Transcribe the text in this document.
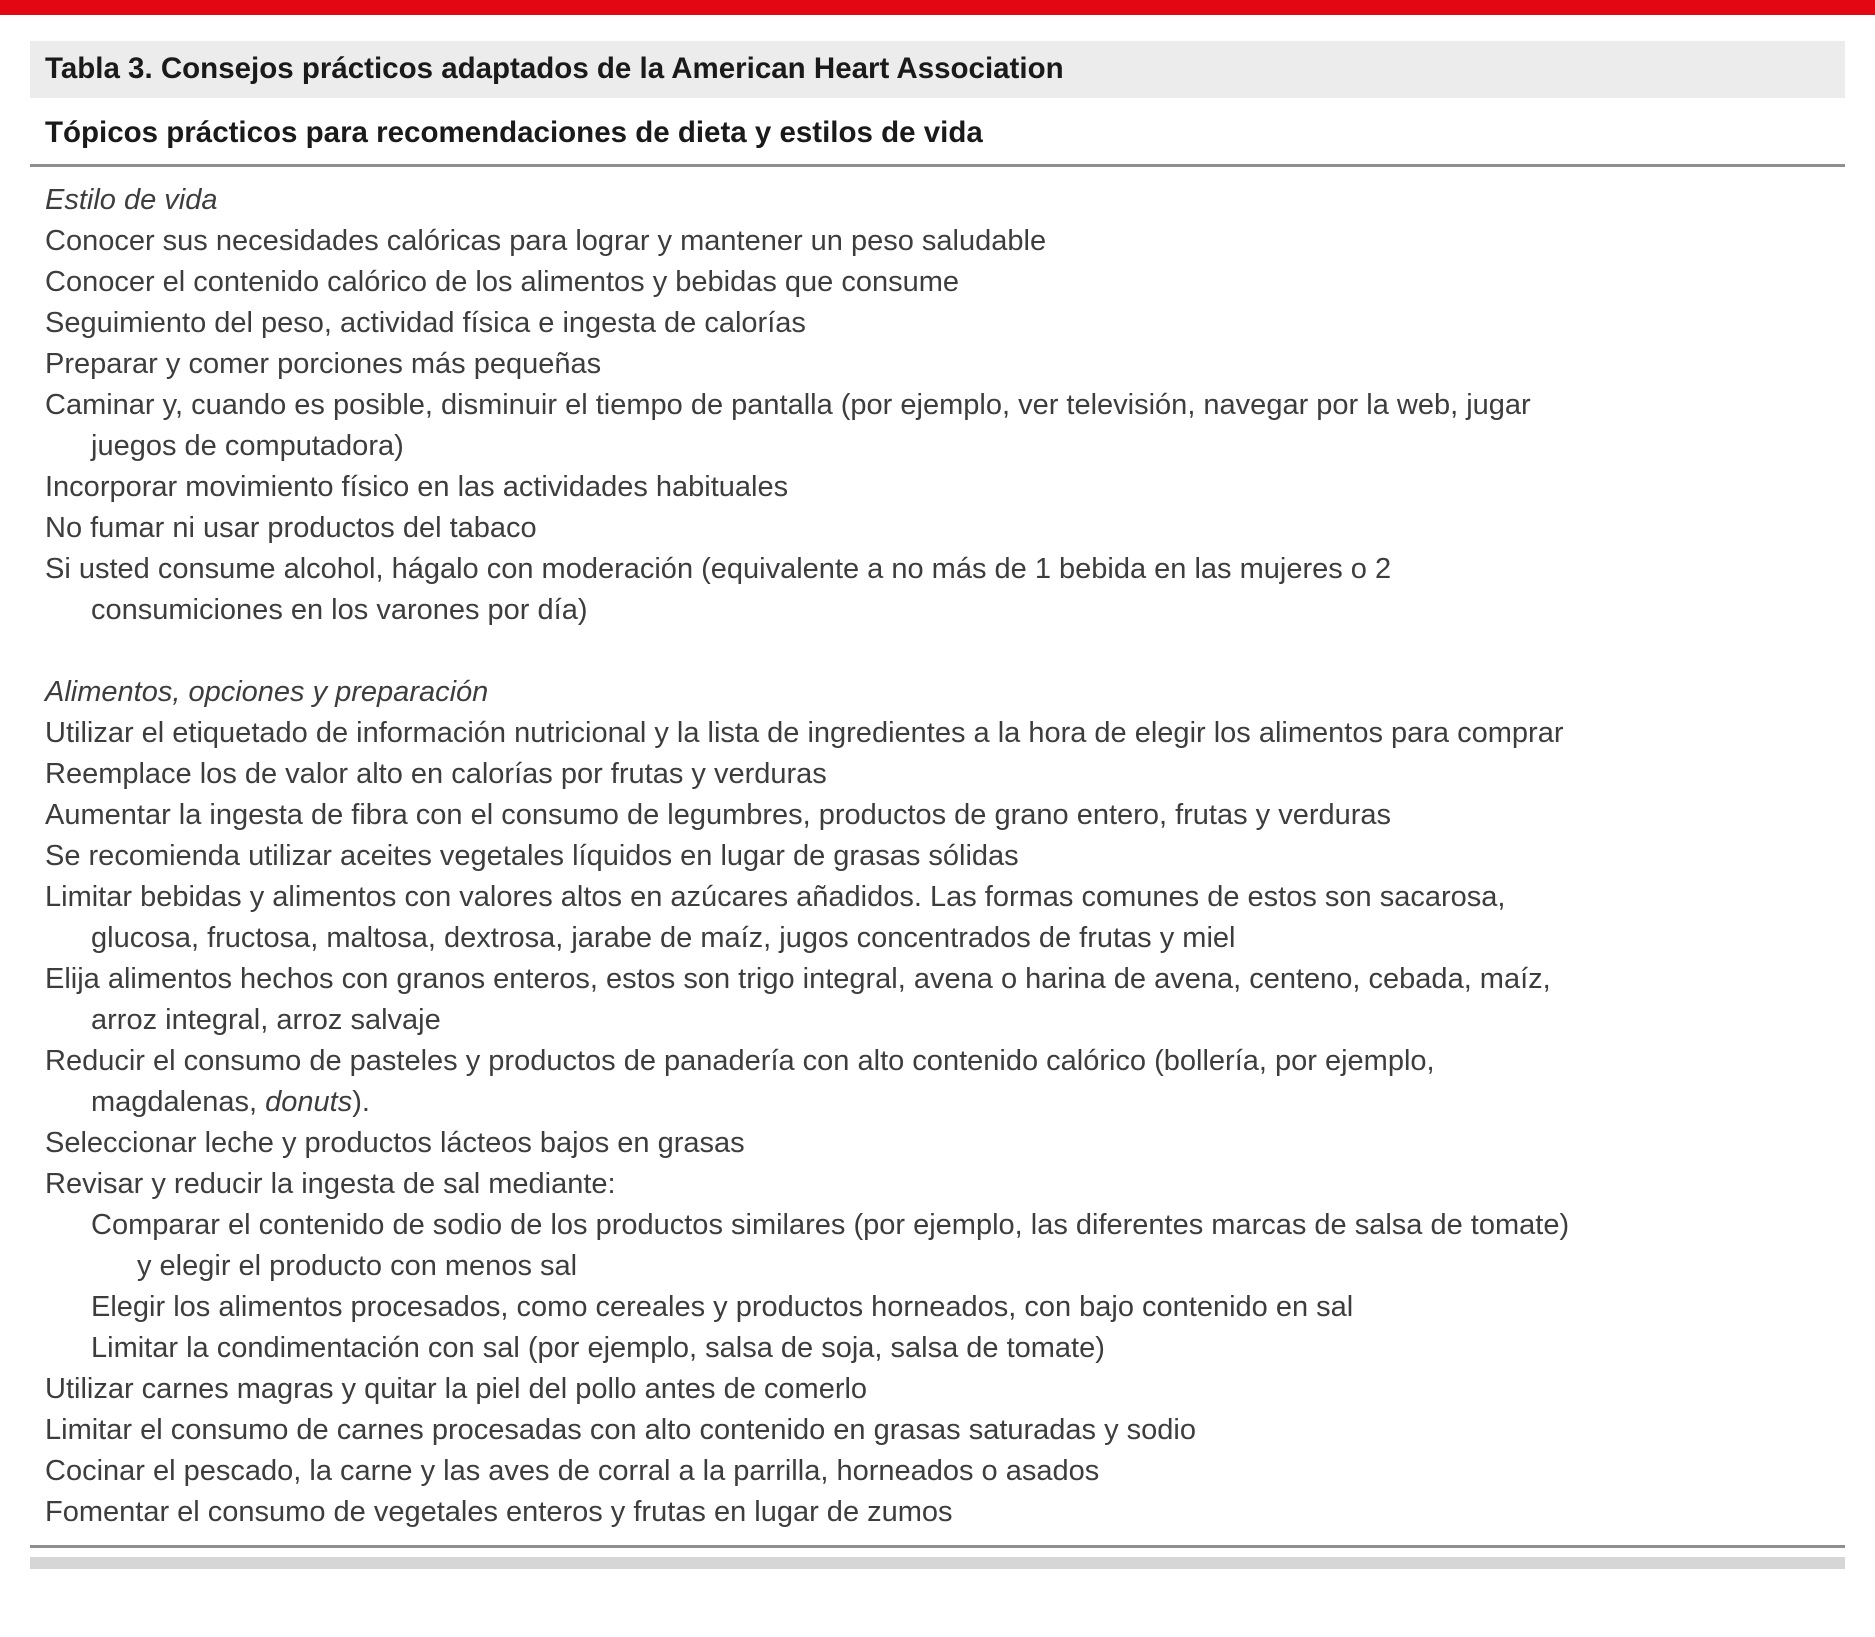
Tabla 3. Consejos prácticos adaptados de la American Heart Association
Tópicos prácticos para recomendaciones de dieta y estilos de vida
Estilo de vida
Conocer sus necesidades calóricas para lograr y mantener un peso saludable
Conocer el contenido calórico de los alimentos y bebidas que consume
Seguimiento del peso, actividad física e ingesta de calorías
Preparar y comer porciones más pequeñas
Caminar y, cuando es posible, disminuir el tiempo de pantalla (por ejemplo, ver televisión, navegar por la web, jugar juegos de computadora)
Incorporar movimiento físico en las actividades habituales
No fumar ni usar productos del tabaco
Si usted consume alcohol, hágalo con moderación (equivalente a no más de 1 bebida en las mujeres o 2 consumiciones en los varones por día)
Alimentos, opciones y preparación
Utilizar el etiquetado de información nutricional y la lista de ingredientes a la hora de elegir los alimentos para comprar
Reemplace los de valor alto en calorías por frutas y verduras
Aumentar la ingesta de fibra con el consumo de legumbres, productos de grano entero, frutas y verduras
Se recomienda utilizar aceites vegetales líquidos en lugar de grasas sólidas
Limitar bebidas y alimentos con valores altos en azúcares añadidos. Las formas comunes de estos son sacarosa, glucosa, fructosa, maltosa, dextrosa, jarabe de maíz, jugos concentrados de frutas y miel
Elija alimentos hechos con granos enteros, estos son trigo integral, avena o harina de avena, centeno, cebada, maíz, arroz integral, arroz salvaje
Reducir el consumo de pasteles y productos de panadería con alto contenido calórico (bollería, por ejemplo, magdalenas, donuts).
Seleccionar leche y productos lácteos bajos en grasas
Revisar y reducir la ingesta de sal mediante:
Comparar el contenido de sodio de los productos similares (por ejemplo, las diferentes marcas de salsa de tomate) y elegir el producto con menos sal
Elegir los alimentos procesados, como cereales y productos horneados, con bajo contenido en sal
Limitar la condimentación con sal (por ejemplo, salsa de soja, salsa de tomate)
Utilizar carnes magras y quitar la piel del pollo antes de comerlo
Limitar el consumo de carnes procesadas con alto contenido en grasas saturadas y sodio
Cocinar el pescado, la carne y las aves de corral a la parrilla, horneados o asados
Fomentar el consumo de vegetales enteros y frutas en lugar de zumos
